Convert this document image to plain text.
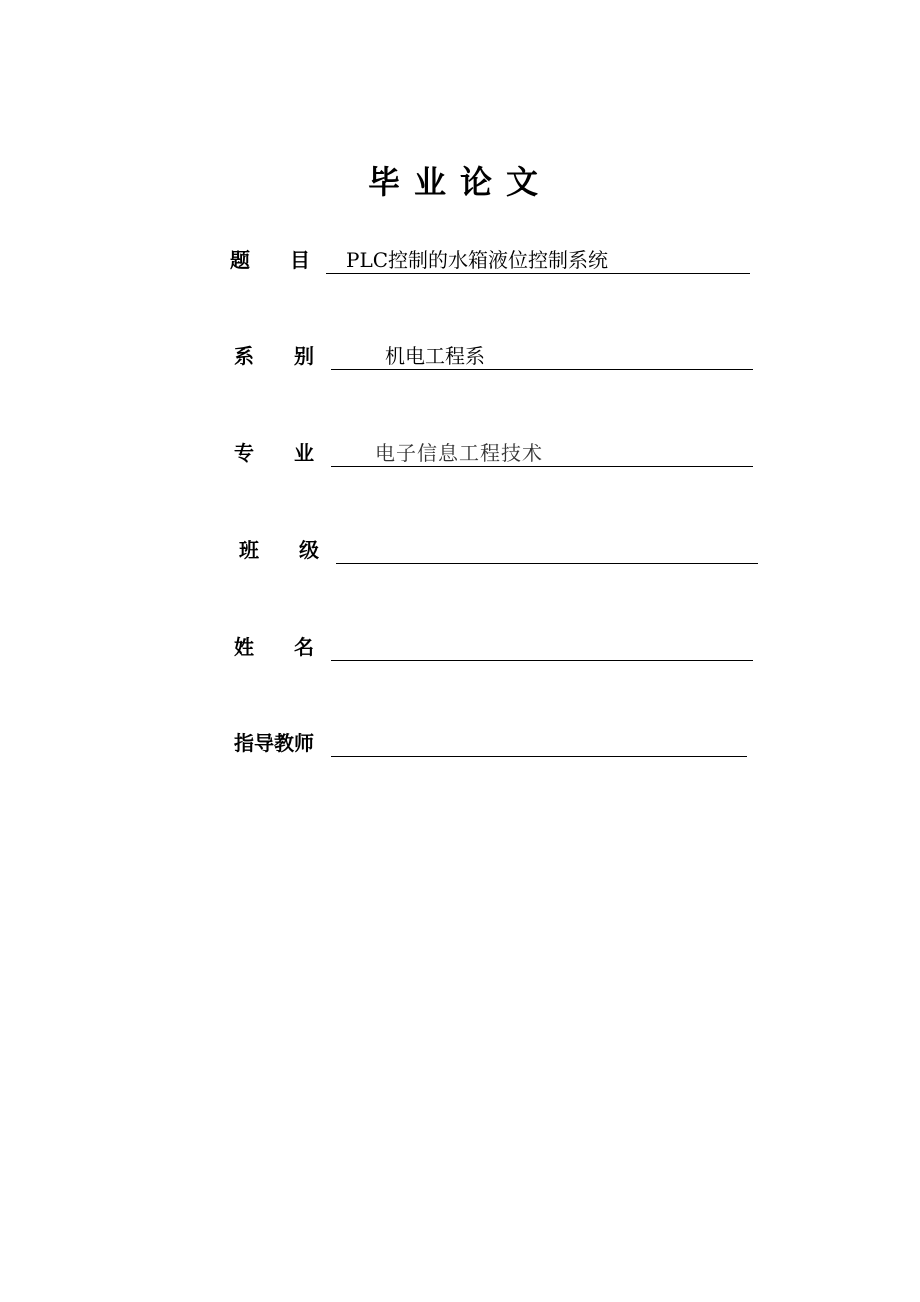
毕业论文
题　　目 PLC控制的水箱液位控制系统
系　　别	机电工程系
专　　业	电子信息工程技术
班　　级
姓　　名
指导教师
